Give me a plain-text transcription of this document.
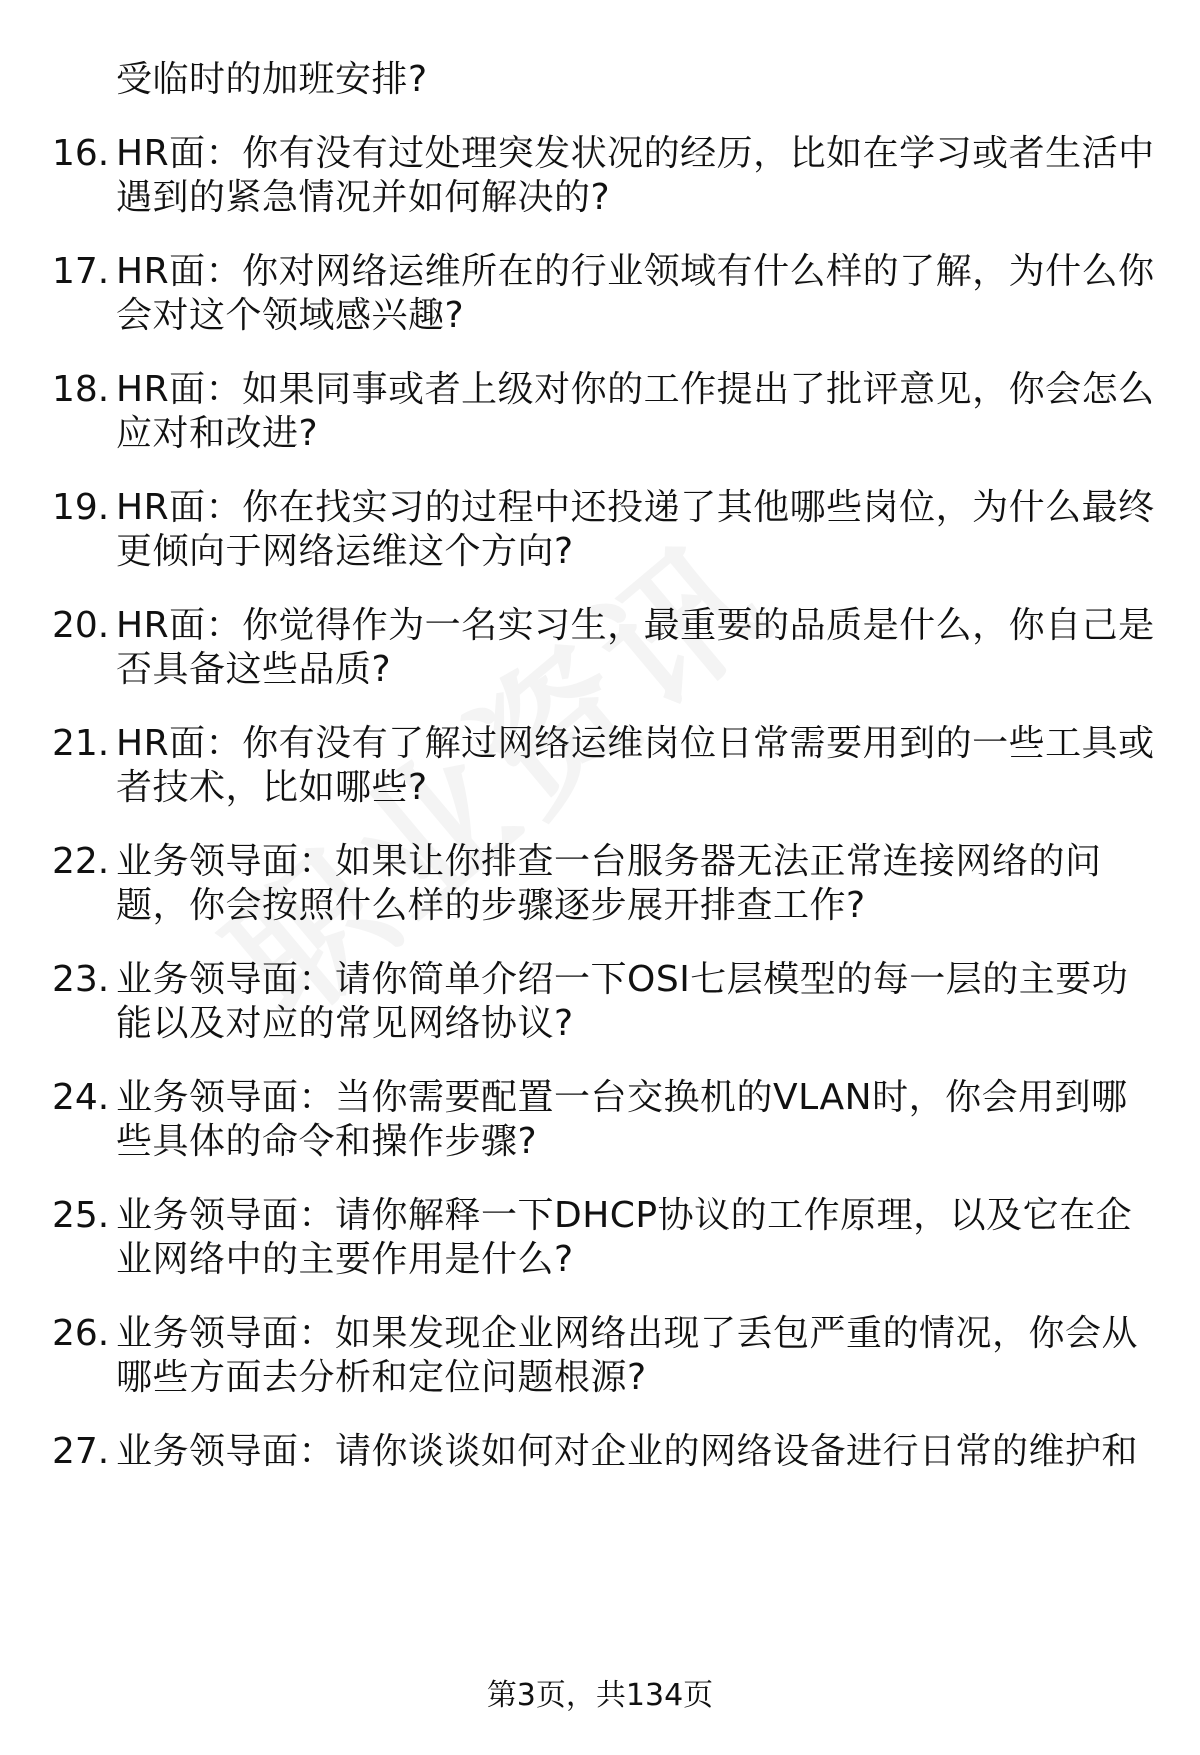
受临时的加班安排?
16. HR面：你有没有过处理突发状况的经历，比如在学习或者生活中
遇到的紧急情况并如何解决的?
17. HR面：你对网络运维所在的行业领域有什么样的了解，为什么你
会对这个领域感兴趣?
18. HR面：如果同事或者上级对你的工作提出了批评意见，你会怎么
应对和改进?
19. HR面：你在找实习的过程中还投递了其他哪些岗位，为什么最终
更倾向于网络运维这个方向?
20. HR面：你觉得作为一名实习生，最重要的品质是什么，你自己是
否具备这些品质?
21. HR面：你有没有了解过网络运维岗位日常需要用到的一些工具或
者技术，比如哪些?
22. 业务领导面：如果让你排查一台服务器无法正常连接网络的问
题，你会按照什么样的步骤逐步展开排查工作?
23. 业务领导面：请你简单介绍一下OSI七层模型的每一层的主要功
能以及对应的常见网络协议?
24. 业务领导面：当你需要配置一台交换机的VLAN时，你会用到哪
些具体的命令和操作步骤?
25. 业务领导面：请你解释一下DHCP协议的工作原理，以及它在企
业网络中的主要作用是什么?
26. 业务领导面：如果发现企业网络出现了丢包严重的情况，你会从
哪些方面去分析和定位问题根源?
27. 业务领导面：请你谈谈如何对企业的网络设备进行日常的维护和
第3页，共134页
